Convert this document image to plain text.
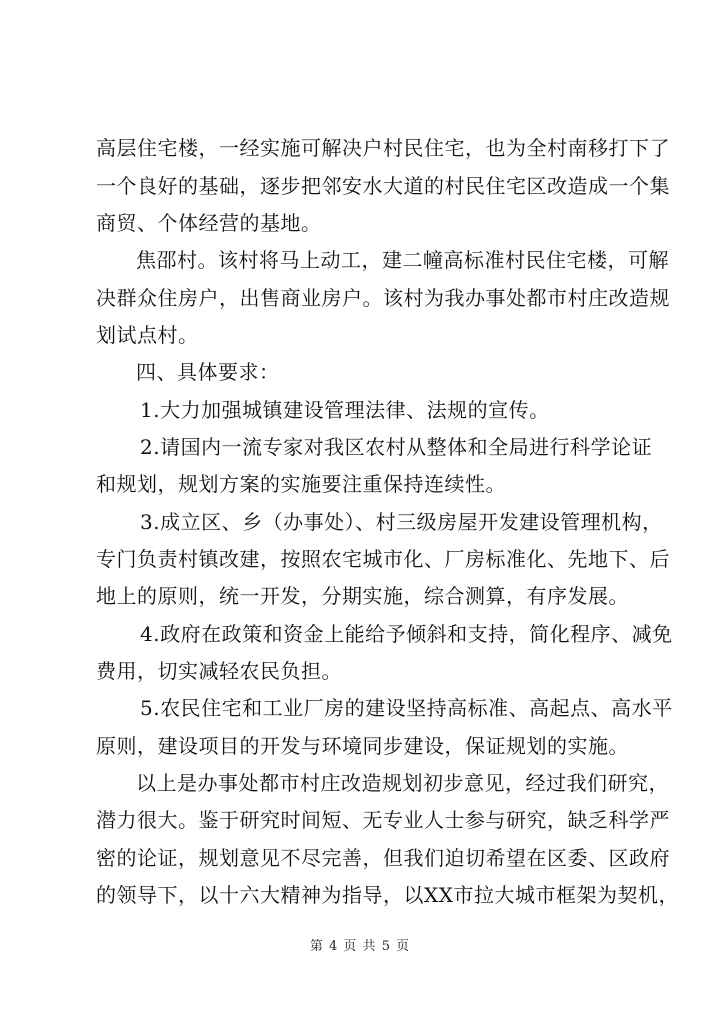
高层住宅楼，一经实施可解决户村民住宅，也为全村南移打下了
一个良好的基础，逐步把邻安水大道的村民住宅区改造成一个集
商贸、个体经营的基地。
焦邵村。该村将马上动工，建二幢高标准村民住宅楼，可解
决群众住房户，出售商业房户。该村为我办事处都市村庄改造规
划试点村。
四、具体要求：
1.大力加强城镇建设管理法律、法规的宣传。
2.请国内一流专家对我区农村从整体和全局进行科学论证
和规划，规划方案的实施要注重保持连续性。
3.成立区、乡（办事处）、村三级房屋开发建设管理机构，
专门负责村镇改建，按照农宅城市化、厂房标准化、先地下、后
地上的原则，统一开发，分期实施，综合测算，有序发展。
4.政府在政策和资金上能给予倾斜和支持，简化程序、减免
费用，切实减轻农民负担。
5.农民住宅和工业厂房的建设坚持高标准、高起点、高水平
原则，建设项目的开发与环境同步建设，保证规划的实施。
以上是办事处都市村庄改造规划初步意见，经过我们研究，
潜力很大。鉴于研究时间短、无专业人士参与研究，缺乏科学严
密的论证，规划意见不尽完善，但我们迫切希望在区委、区政府
的领导下，以十六大精神为指导，以XX市拉大城市框架为契机，
第 4 页 共 5 页
